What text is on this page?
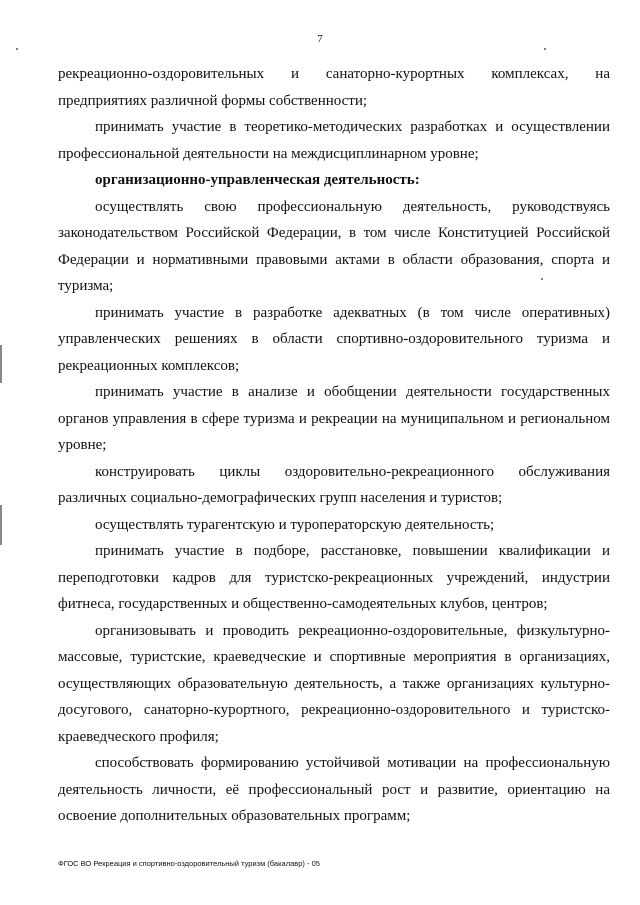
7

рекреационно-оздоровительных и санаторно-курортных комплексах, на предприятиях различной формы собственности;

принимать участие в теоретико-методических разработках и осуществлении профессиональной деятельности на междисциплинарном уровне;

организационно-управленческая деятельность:

осуществлять свою профессиональную деятельность, руководствуясь законодательством Российской Федерации, в том числе Конституцией Российской Федерации и нормативными правовыми актами в области образования, спорта и туризма;

принимать участие в разработке адекватных (в том числе оперативных) управленческих решениях в области спортивно-оздоровительного туризма и рекреационных комплексов;

принимать участие в анализе и обобщении деятельности государственных органов управления в сфере туризма и рекреации на муниципальном и региональном уровне;

конструировать циклы оздоровительно-рекреационного обслуживания различных социально-демографических групп населения и туристов;

осуществлять турагентскую и туроператорскую деятельность;

принимать участие в подборе, расстановке, повышении квалификации и переподготовки кадров для туристско-рекреационных учреждений, индустрии фитнеса, государственных и общественно-самодеятельных клубов, центров;

организовывать и проводить рекреационно-оздоровительные, физкультурно-массовые, туристские, краеведческие и спортивные мероприятия в организациях, осуществляющих образовательную деятельность, а также организациях культурно-досугового, санаторно-курортного, рекреационно-оздоровительного и туристско-краеведческого профиля;

способствовать формированию устойчивой мотивации на профессиональную деятельность личности, её профессиональный рост и развитие, ориентацию на освоение дополнительных образовательных программ;

ФГОС ВО Рекреация и спортивно-оздоровительный туризм (бакалавр) - 05
